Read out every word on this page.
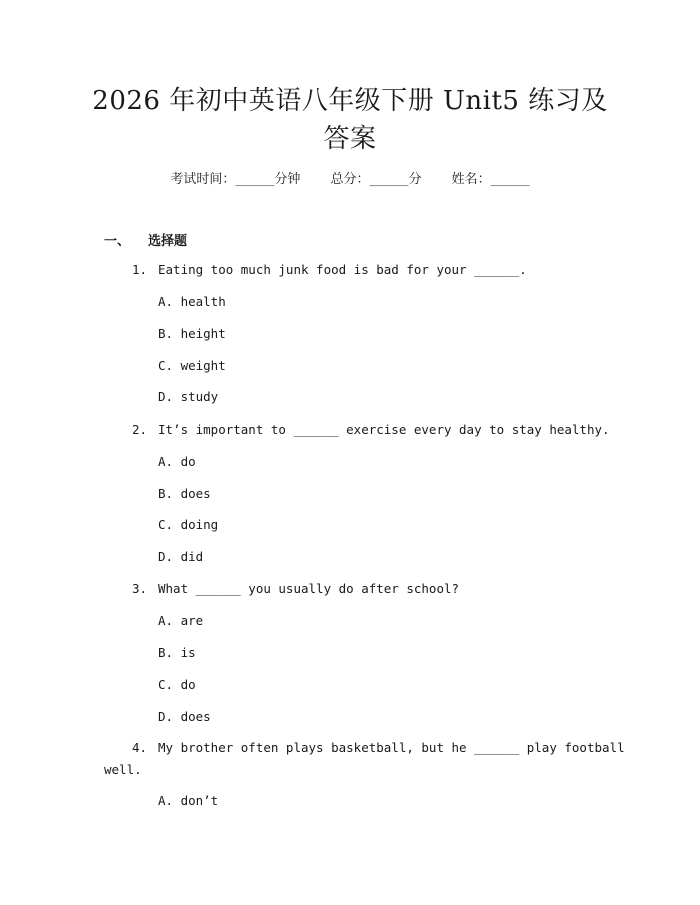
2026 年初中英语八年级下册 Unit5 练习及答案
考试时间：______分钟 总分：______分 姓名：______
一、 选择题
1. Eating too much junk food is bad for your ______.
A. health
B. height
C. weight
D. study
2. It’s important to ______ exercise every day to stay healthy.
A. do
B. does
C. doing
D. did
3. What ______ you usually do after school?
A. are
B. is
C. do
D. does
4. My brother often plays basketball, but he ______ play football
well.
A. don’t
